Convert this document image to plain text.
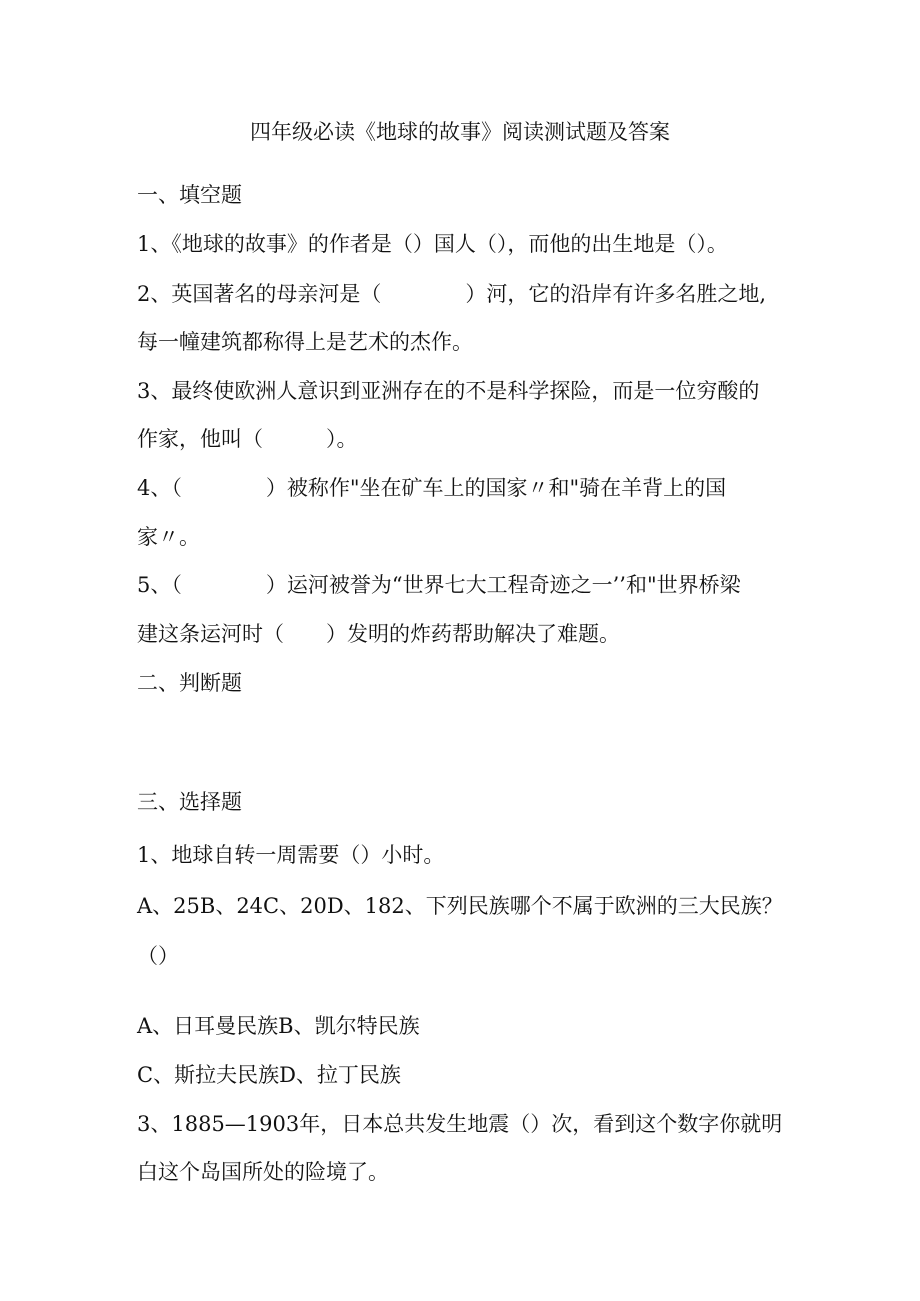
四年级必读《地球的故事》阅读测试题及答案
一、填空题
1、《地球的故事》的作者是（）国人（），而他的出生地是（）。
2、英国著名的母亲河是（　　　　）河，它的沿岸有许多名胜之地,
每一幢建筑都称得上是艺术的杰作。
3、最终使欧洲人意识到亚洲存在的不是科学探险，而是一位穷酸的
作家，他叫（　　　）。
4、（　　　　）被称作"坐在矿车上的国家〃和"骑在羊背上的国
家〃。
5、（　　　　）运河被誉为“世界七大工程奇迹之一’’和"世界桥梁
建这条运河时（　　）发明的炸药帮助解决了难题。
二、判断题
三、选择题
1、地球自转一周需要（）小时。
A、25B、24C、20D、182、下列民族哪个不属于欧洲的三大民族？
（）
A、日耳曼民族B、凯尔特民族
C、斯拉夫民族D、拉丁民族
3、1885—1903年，日本总共发生地震（）次，看到这个数字你就明
白这个岛国所处的险境了。
